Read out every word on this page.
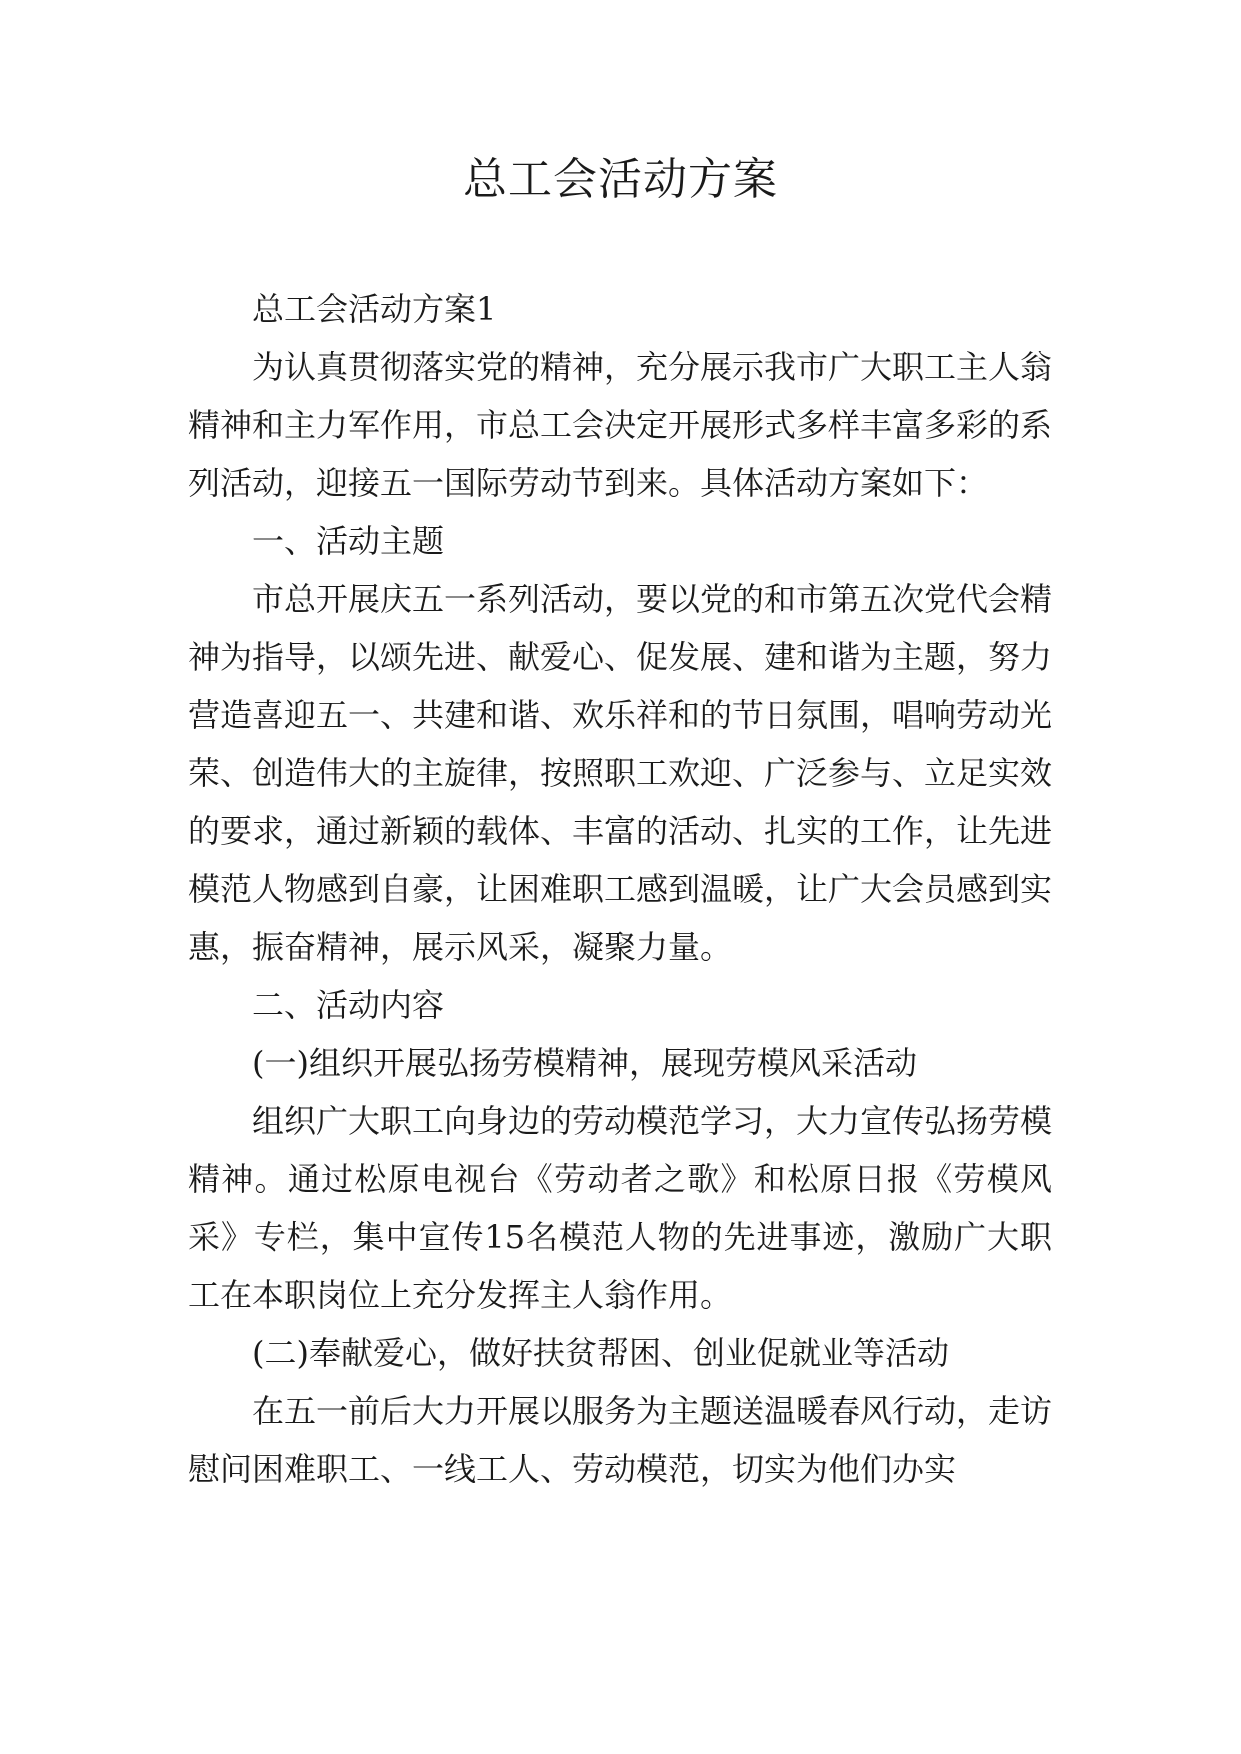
总工会活动方案

总工会活动方案1

为认真贯彻落实党的精神，充分展示我市广大职工主人翁精神和主力军作用，市总工会决定开展形式多样丰富多彩的系列活动，迎接五一国际劳动节到来。具体活动方案如下：

一、活动主题

市总开展庆五一系列活动，要以党的和市第五次党代会精神为指导，以颂先进、献爱心、促发展、建和谐为主题，努力营造喜迎五一、共建和谐、欢乐祥和的节日氛围，唱响劳动光荣、创造伟大的主旋律，按照职工欢迎、广泛参与、立足实效的要求，通过新颖的载体、丰富的活动、扎实的工作，让先进模范人物感到自豪，让困难职工感到温暖，让广大会员感到实惠，振奋精神，展示风采，凝聚力量。

二、活动内容

(一)组织开展弘扬劳模精神，展现劳模风采活动

组织广大职工向身边的劳动模范学习，大力宣传弘扬劳模精神。通过松原电视台《劳动者之歌》和松原日报《劳模风采》专栏，集中宣传15名模范人物的先进事迹，激励广大职工在本职岗位上充分发挥主人翁作用。

(二)奉献爱心，做好扶贫帮困、创业促就业等活动

在五一前后大力开展以服务为主题送温暖春风行动，走访慰问困难职工、一线工人、劳动模范，切实为他们办实
